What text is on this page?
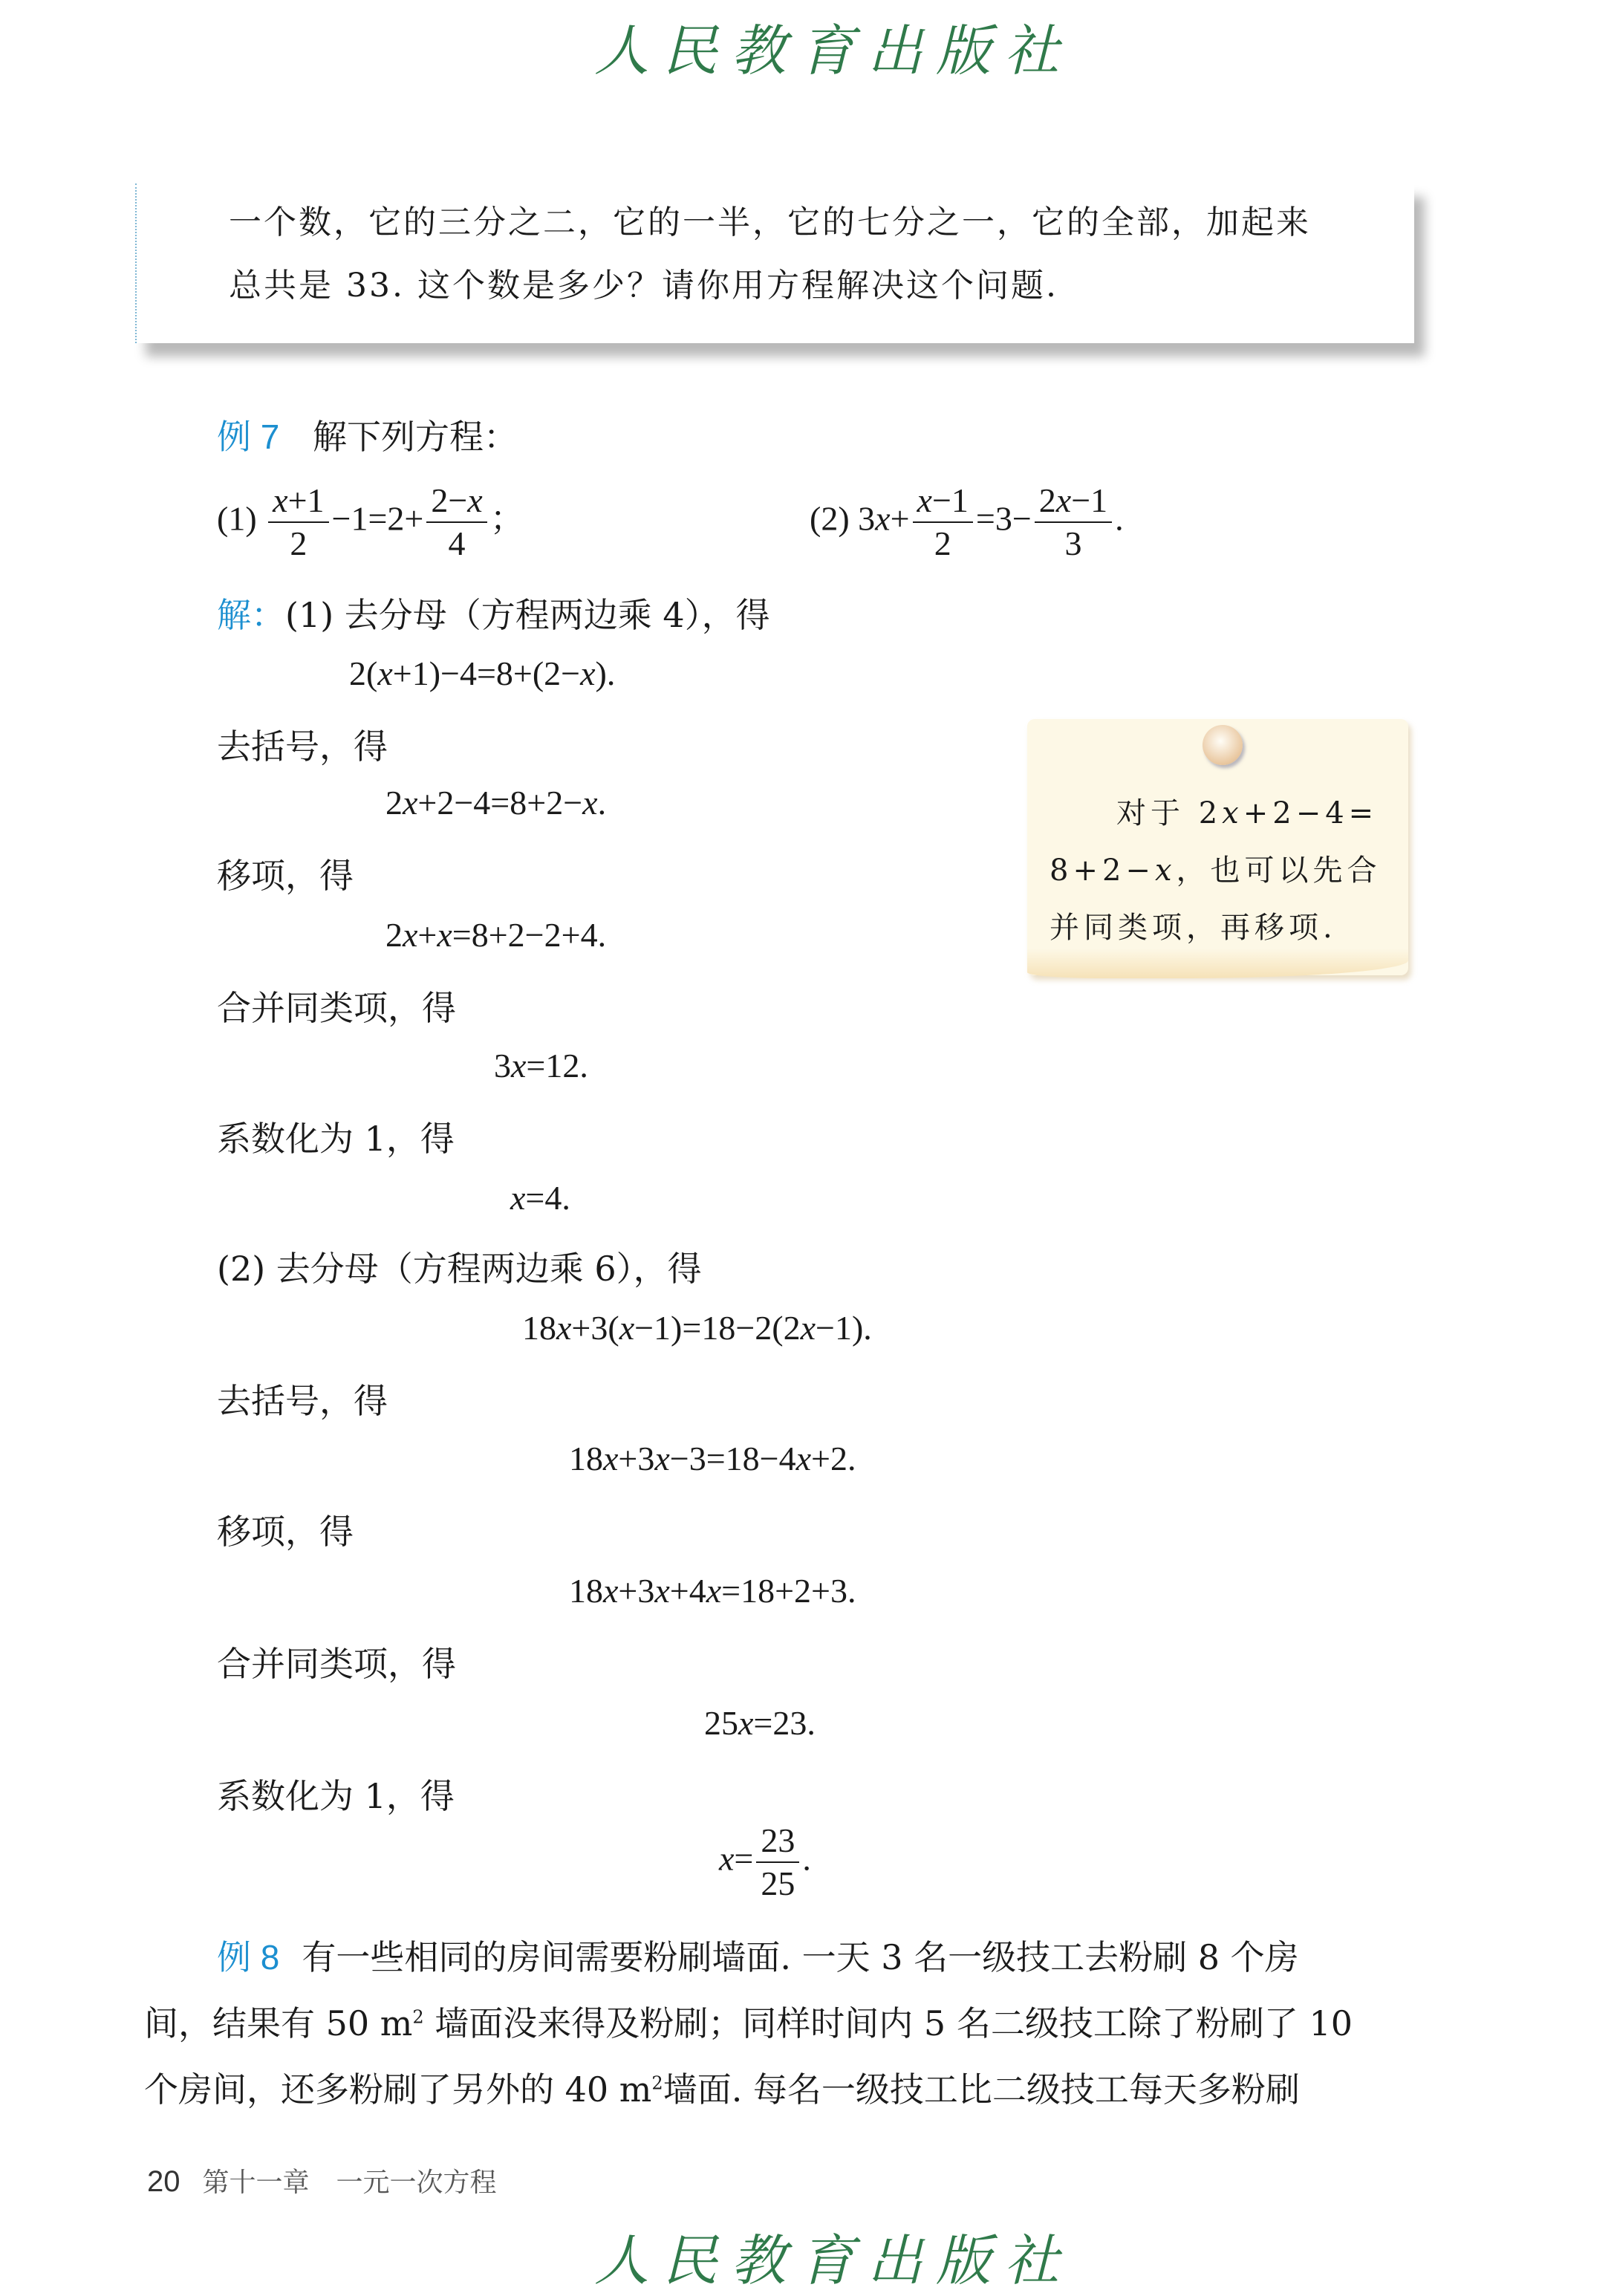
人民教育出版社
一个数，它的三分之二，它的一半，它的七分之一，它的全部，加起来
总共是 33. 这个数是多少？请你用方程解决这个问题.
例 7 解下列方程：
$(1) \frac{x+1}{2} -1=2+ \frac{2-x}{4}$ ；	(2) $3x+ \frac{x-1}{2} =3- \frac{2x-1}{3}$ .
解：(1) 去分母（方程两边乘 4），得
2(x+1)−4=8+(2−x).
去括号，得
2x+2−4=8+2−x.
移项，得
2x+x=8+2−2+4.
合并同类项，得
3x=12.
系数化为 1，得
x=4.
(2) 去分母（方程两边乘 6），得
18x+3(x−1)=18−2(2x−1).
去括号，得
18x+3x−3=18−4x+2.
移项，得
18x+3x+4x=18+2+3.
合并同类项，得
25x=23.
系数化为 1，得
$x= \frac{23}{25}$ .
对于 2x+2−4=
8+2−x，也可以先合
并同类项，再移项.
例 8 有一些相同的房间需要粉刷墙面. 一天 3 名一级技工去粉刷 8 个房
间，结果有 50 $m^2$ 墙面没来得及粉刷；同样时间内 5 名二级技工除了粉刷了 10
个房间，还多粉刷了另外的 40 $m^2$墙面. 每名一级技工比二级技工每天多粉刷
20 第十一章　一元一次方程
人民教育出版社
